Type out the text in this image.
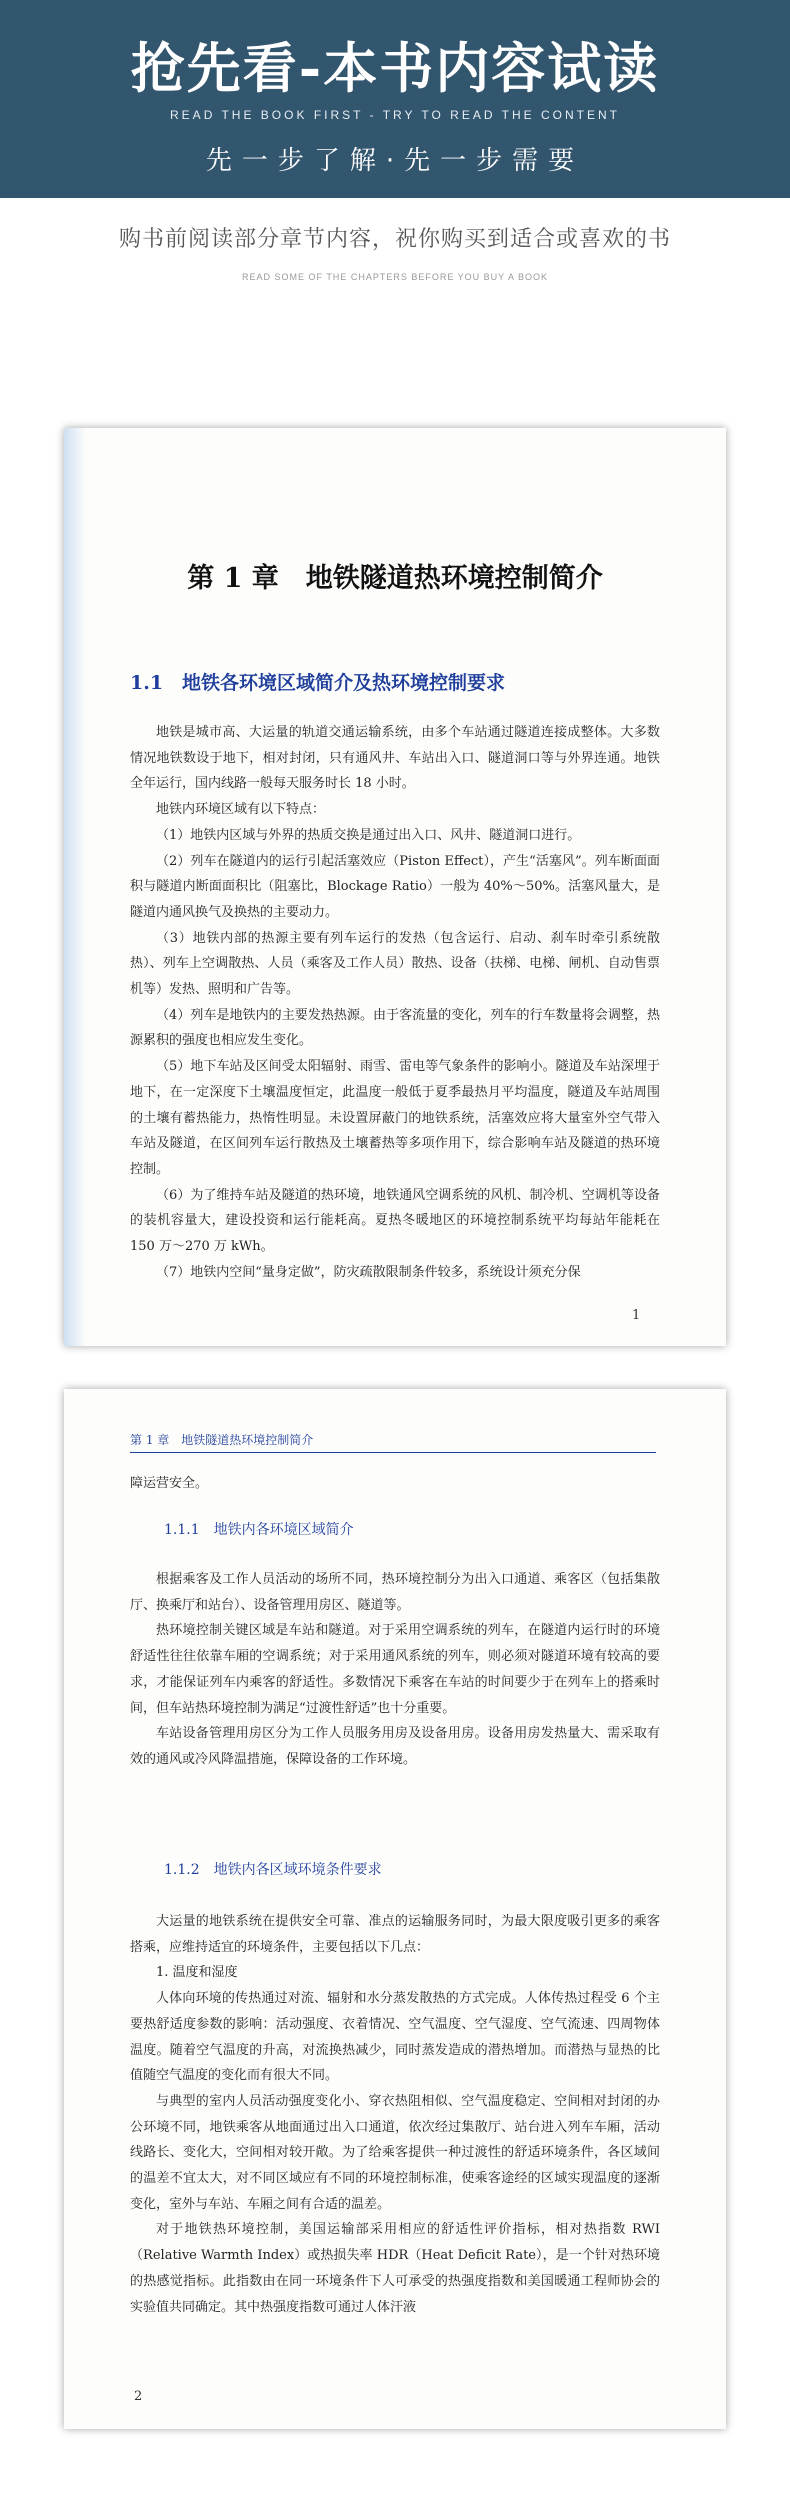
抢先看-本书内容试读
READ THE BOOK FIRST - TRY TO READ THE CONTENT
先一步了解·先一步需要
购书前阅读部分章节内容，祝你购买到适合或喜欢的书
READ SOME OF THE CHAPTERS BEFORE YOU BUY A BOOK
第 1 章　地铁隧道热环境控制简介
1.1　地铁各环境区域简介及热环境控制要求

地铁是城市高、大运量的轨道交通运输系统，由多个车站通过隧道连接成整体。大多数情况地铁数设于地下，相对封闭，只有通风井、车站出入口、隧道洞口等与外界连通。地铁全年运行，国内线路一般每天服务时长 18 小时。

地铁内环境区域有以下特点：

（1）地铁内区域与外界的热质交换是通过出入口、风井、隧道洞口进行。

（2）列车在隧道内的运行引起活塞效应（Piston Effect），产生“活塞风”。列车断面面积与隧道内断面面积比（阻塞比，Blockage Ratio）一般为 40%～50%。活塞风量大，是隧道内通风换气及换热的主要动力。

（3）地铁内部的热源主要有列车运行的发热（包含运行、启动、刹车时牵引系统散热）、列车上空调散热、人员（乘客及工作人员）散热、设备（扶梯、电梯、闸机、自动售票机等）发热、照明和广告等。

（4）列车是地铁内的主要发热热源。由于客流量的变化，列车的行车数量将会调整，热源累积的强度也相应发生变化。

（5）地下车站及区间受太阳辐射、雨雪、雷电等气象条件的影响小。隧道及车站深埋于地下，在一定深度下土壤温度恒定，此温度一般低于夏季最热月平均温度，隧道及车站周围的土壤有蓄热能力，热惰性明显。未设置屏蔽门的地铁系统，活塞效应将大量室外空气带入车站及隧道，在区间列车运行散热及土壤蓄热等多项作用下，综合影响车站及隧道的热环境控制。

（6）为了维持车站及隧道的热环境，地铁通风空调系统的风机、制冷机、空调机等设备的装机容量大，建设投资和运行能耗高。夏热冬暖地区的环境控制系统平均每站年能耗在 150 万～270 万 kWh。

（7）地铁内空间“量身定做”，防灾疏散限制条件较多，系统设计须充分保

1
第 1 章　地铁隧道热环境控制简介

障运营安全。

1.1.1　地铁内各环境区域简介

根据乘客及工作人员活动的场所不同，热环境控制分为出入口通道、乘客区（包括集散厅、换乘厅和站台）、设备管理用房区、隧道等。

热环境控制关键区域是车站和隧道。对于采用空调系统的列车，在隧道内运行时的环境舒适性往往依靠车厢的空调系统；对于采用通风系统的列车，则必须对隧道环境有较高的要求，才能保证列车内乘客的舒适性。多数情况下乘客在车站的时间要少于在列车上的搭乘时间，但车站热环境控制为满足“过渡性舒适”也十分重要。

车站设备管理用房区分为工作人员服务用房及设备用房。设备用房发热量大、需采取有效的通风或冷风降温措施，保障设备的工作环境。

1.1.2　地铁内各区域环境条件要求

大运量的地铁系统在提供安全可靠、准点的运输服务同时，为最大限度吸引更多的乘客搭乘，应维持适宜的环境条件，主要包括以下几点：

1. 温度和湿度

人体向环境的传热通过对流、辐射和水分蒸发散热的方式完成。人体传热过程受 6 个主要热舒适度参数的影响：活动强度、衣着情况、空气温度、空气湿度、空气流速、四周物体温度。随着空气温度的升高，对流换热减少，同时蒸发造成的潜热增加。而潜热与显热的比值随空气温度的变化而有很大不同。

与典型的室内人员活动强度变化小、穿衣热阻相似、空气温度稳定、空间相对封闭的办公环境不同，地铁乘客从地面通过出入口通道，依次经过集散厅、站台进入列车车厢，活动线路长、变化大，空间相对较开敞。为了给乘客提供一种过渡性的舒适环境条件，各区域间的温差不宜太大，对不同区域应有不同的环境控制标准，使乘客途经的区域实现温度的逐渐变化，室外与车站、车厢之间有合适的温差。

对于地铁热环境控制，美国运输部采用相应的舒适性评价指标，相对热指数 RWI（Relative Warmth Index）或热损失率 HDR（Heat Deficit Rate），是一个针对热环境的热感觉指标。此指数由在同一环境条件下人可承受的热强度指数和美国暖通工程师协会的实验值共同确定。其中热强度指数可通过人体汗液

2
